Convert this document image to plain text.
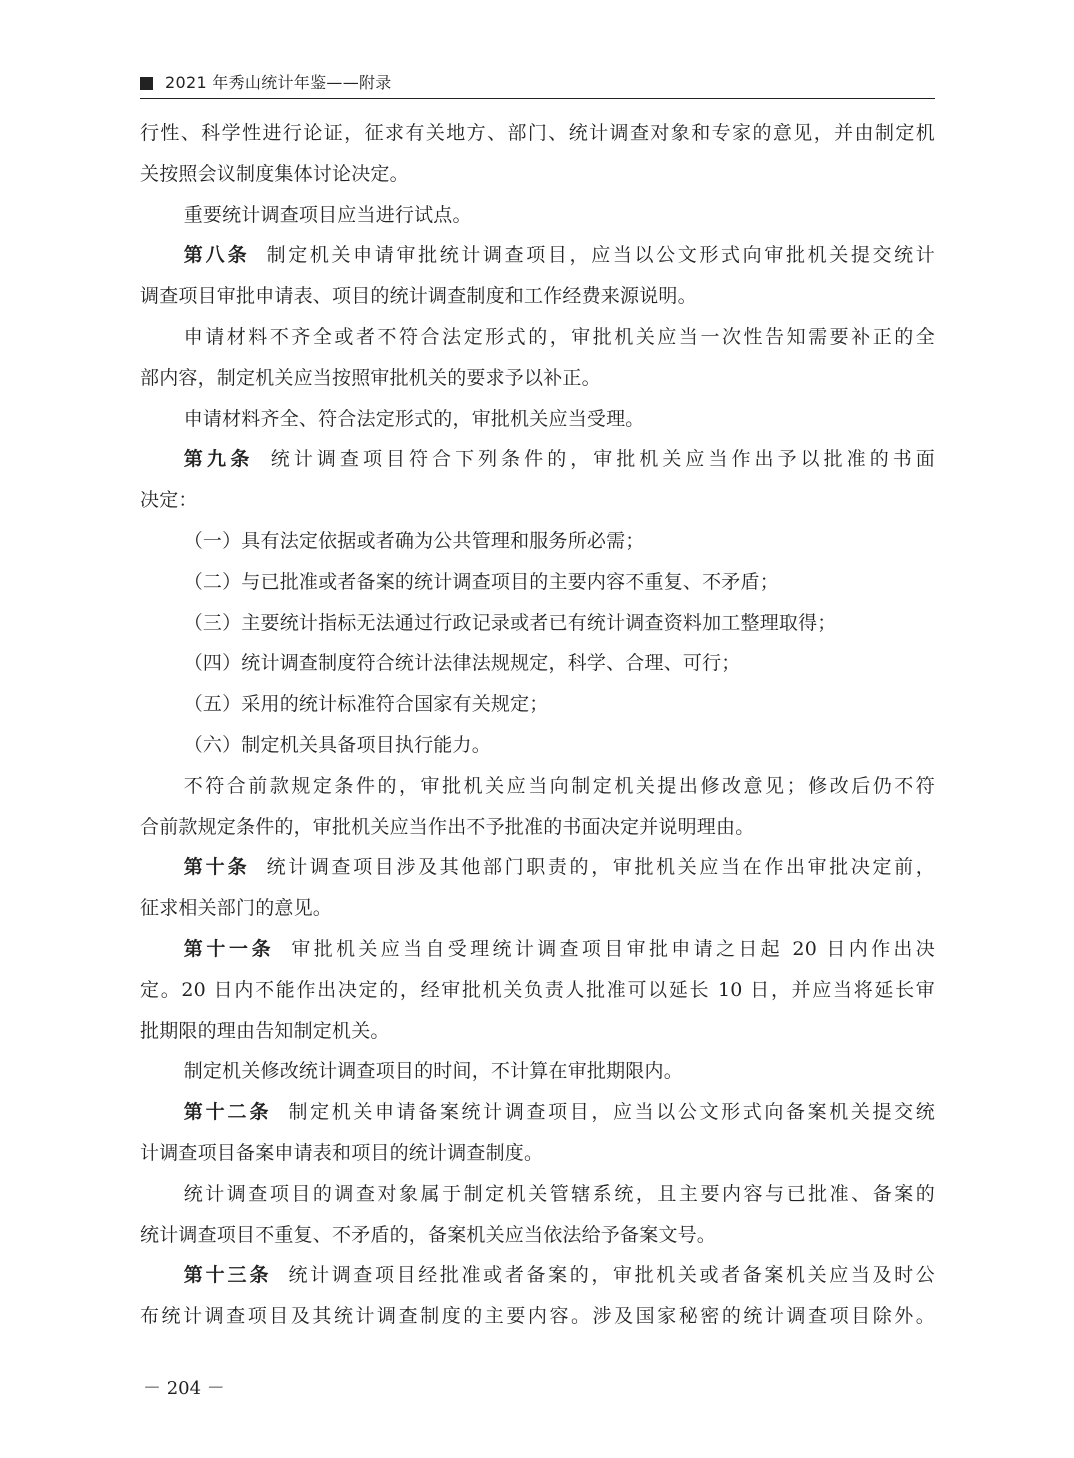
2021 年秀山统计年鉴——附录

行性、科学性进行论证，征求有关地方、部门、统计调查对象和专家的意见，并由制定机

关按照会议制度集体讨论决定。

重要统计调查项目应当进行试点。

第八条 制定机关申请审批统计调查项目，应当以公文形式向审批机关提交统计

调查项目审批申请表、项目的统计调查制度和工作经费来源说明。

申请材料不齐全或者不符合法定形式的，审批机关应当一次性告知需要补正的全

部内容，制定机关应当按照审批机关的要求予以补正。

申请材料齐全、符合法定形式的，审批机关应当受理。

第九条 统计调查项目符合下列条件的，审批机关应当作出予以批准的书面

决定：

（一）具有法定依据或者确为公共管理和服务所必需；

（二）与已批准或者备案的统计调查项目的主要内容不重复、不矛盾；

（三）主要统计指标无法通过行政记录或者已有统计调查资料加工整理取得；

（四）统计调查制度符合统计法律法规规定，科学、合理、可行；

（五）采用的统计标准符合国家有关规定；

（六）制定机关具备项目执行能力。

不符合前款规定条件的，审批机关应当向制定机关提出修改意见；修改后仍不符

合前款规定条件的，审批机关应当作出不予批准的书面决定并说明理由。

第十条 统计调查项目涉及其他部门职责的，审批机关应当在作出审批决定前，

征求相关部门的意见。

第十一条 审批机关应当自受理统计调查项目审批申请之日起 20 日内作出决

定。20 日内不能作出决定的，经审批机关负责人批准可以延长 10 日，并应当将延长审

批期限的理由告知制定机关。

制定机关修改统计调查项目的时间，不计算在审批期限内。

第十二条 制定机关申请备案统计调查项目，应当以公文形式向备案机关提交统

计调查项目备案申请表和项目的统计调查制度。

统计调查项目的调查对象属于制定机关管辖系统，且主要内容与已批准、备案的

统计调查项目不重复、不矛盾的，备案机关应当依法给予备案文号。

第十三条 统计调查项目经批准或者备案的，审批机关或者备案机关应当及时公

布统计调查项目及其统计调查制度的主要内容。涉及国家秘密的统计调查项目除外。

－ 204 －
